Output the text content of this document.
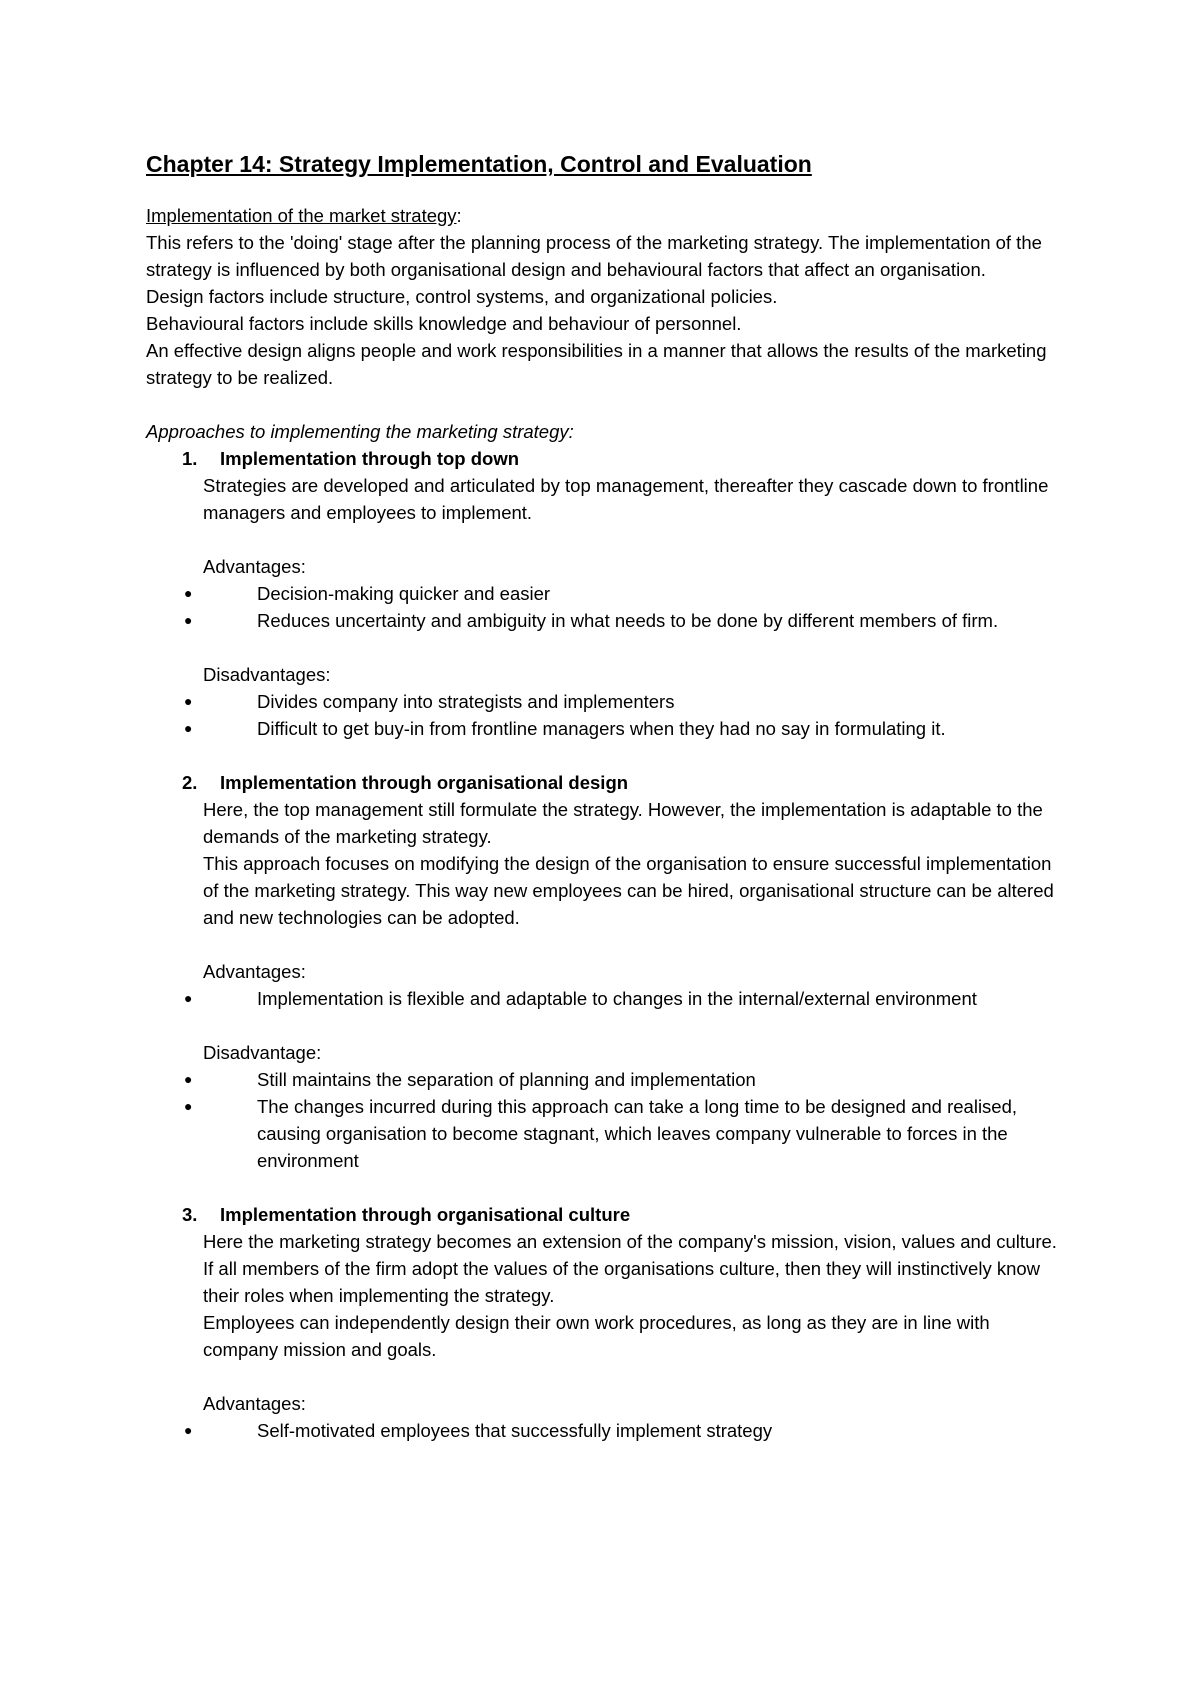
Chapter 14: Strategy Implementation, Control and Evaluation

Implementation of the market strategy:

This refers to the 'doing' stage after the planning process of the marketing strategy. The implementation of the strategy is influenced by both organisational design and behavioural factors that affect an organisation.

Design factors include structure, control systems, and organizational policies.

Behavioural factors include skills knowledge and behaviour of personnel.

An effective design aligns people and work responsibilities in a manner that allows the results of the marketing strategy to be realized.

Approaches to implementing the marketing strategy:

1.	Implementation through top down

Strategies are developed and articulated by top management, thereafter they cascade down to frontline managers and employees to implement.

Advantages:

●	Decision-making quicker and easier
●	Reduces uncertainty and ambiguity in what needs to be done by different members of firm.

Disadvantages:

●	Divides company into strategists and implementers
●	Difficult to get buy-in from frontline managers when they had no say in formulating it.

2.	Implementation through organisational design

Here, the top management still formulate the strategy. However, the implementation is adaptable to the demands of the marketing strategy.

This approach focuses on modifying the design of the organisation to ensure successful implementation of the marketing strategy. This way new employees can be hired, organisational structure can be altered and new technologies can be adopted.

Advantages:

●	Implementation is flexible and adaptable to changes in the internal/external environment

Disadvantage:

●	Still maintains the separation of planning and implementation
●	The changes incurred during this approach can take a long time to be designed and realised, causing organisation to become stagnant, which leaves company vulnerable to forces in the environment

3.	Implementation through organisational culture

Here the marketing strategy becomes an extension of the company's mission, vision, values and culture.

If all members of the firm adopt the values of the organisations culture, then they will instinctively know their roles when implementing the strategy.

Employees can independently design their own work procedures, as long as they are in line with company mission and goals.

Advantages:

●	Self-motivated employees that successfully implement strategy
